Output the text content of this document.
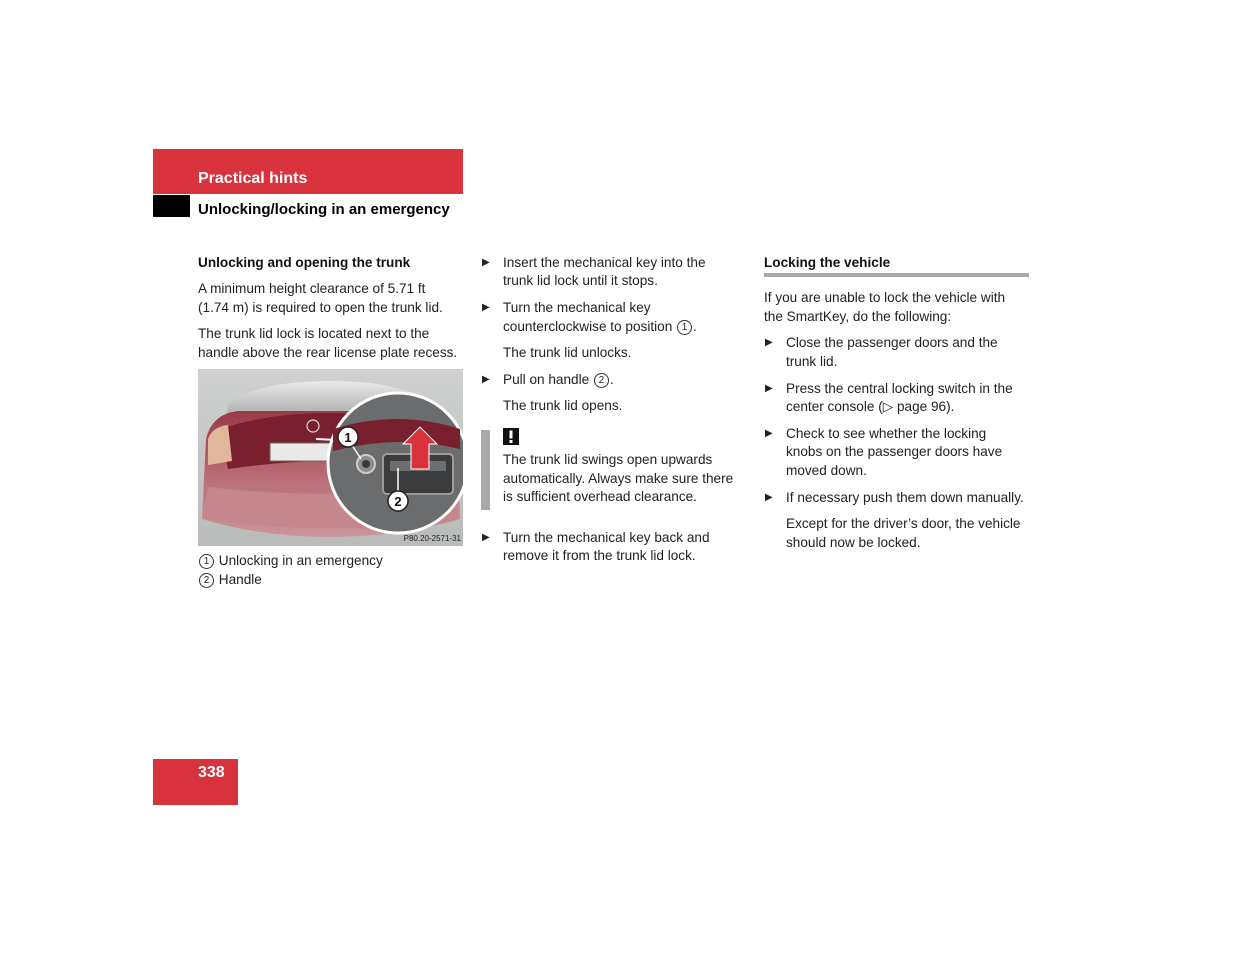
Practical hints
Unlocking/locking in an emergency
Unlocking and opening the trunk
A minimum height clearance of 5.71 ft
(1.74 m) is required to open the trunk lid.
The trunk lid lock is located next to the
handle above the rear license plate recess.
1
2
P80.20-2571-31
1 Unlocking in an emergency
2 Handle
▶ Insert the mechanical key into the
trunk lid lock until it stops.
▶ Turn the mechanical key
counterclockwise to position 1 .
The trunk lid unlocks.
▶ Pull on handle 2 .
The trunk lid opens.
The trunk lid swings open upwards
automatically. Always make sure there
is sufficient overhead clearance.
▶ Turn the mechanical key back and
remove it from the trunk lid lock.
Locking the vehicle
If you are unable to lock the vehicle with
the SmartKey, do the following:
▶ Close the passenger doors and the
trunk lid.
▶ Press the central locking switch in the
center console (▷ page 96).
▶ Check to see whether the locking
knobs on the passenger doors have
moved down.
▶ If necessary push them down manually.
Except for the driver’s door, the vehicle
should now be locked.
338
